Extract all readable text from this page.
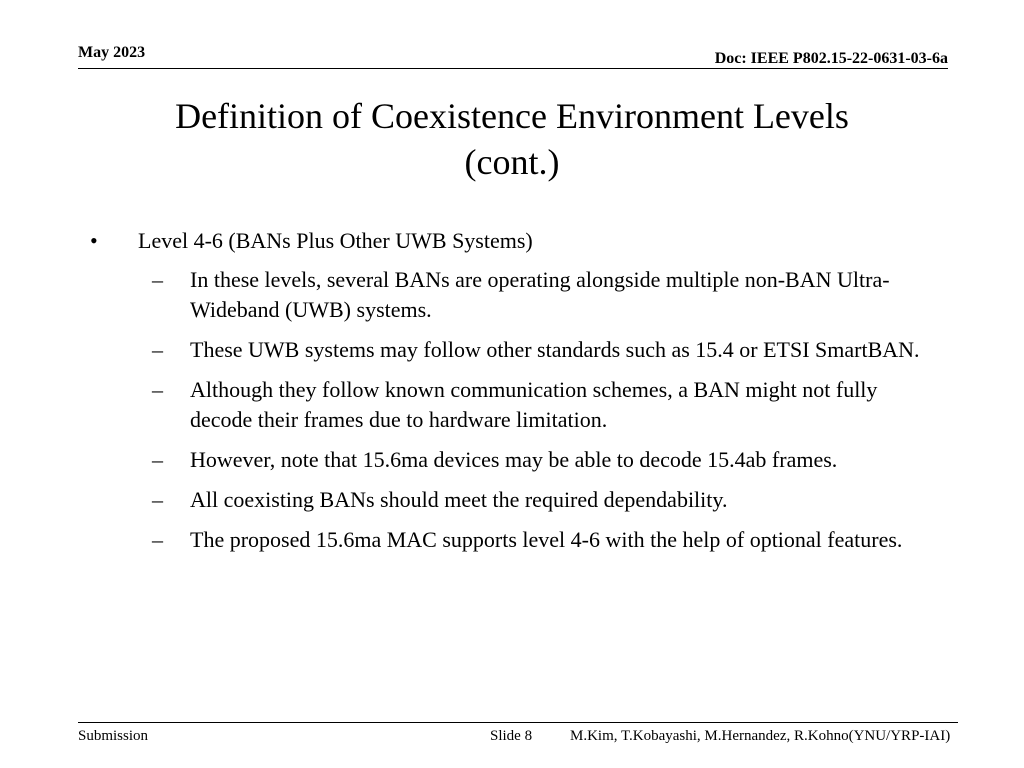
May 2023	Doc: IEEE P802.15-22-0631-03-6a
Definition of Coexistence Environment Levels
(cont.)
• Level 4-6 (BANs Plus Other UWB Systems)
– In these levels, several BANs are operating alongside multiple non-BAN Ultra-Wideband (UWB) systems.
– These UWB systems may follow other standards such as 15.4 or ETSI SmartBAN.
– Although they follow known communication schemes, a BAN might not fully decode their frames due to hardware limitation.
– However, note that 15.6ma devices may be able to decode 15.4ab frames.
– All coexisting BANs should meet the required dependability.
– The proposed 15.6ma MAC supports level 4-6 with the help of optional features.
Submission	Slide 8	M.Kim, T.Kobayashi, M.Hernandez, R.Kohno(YNU/YRP-IAI)
